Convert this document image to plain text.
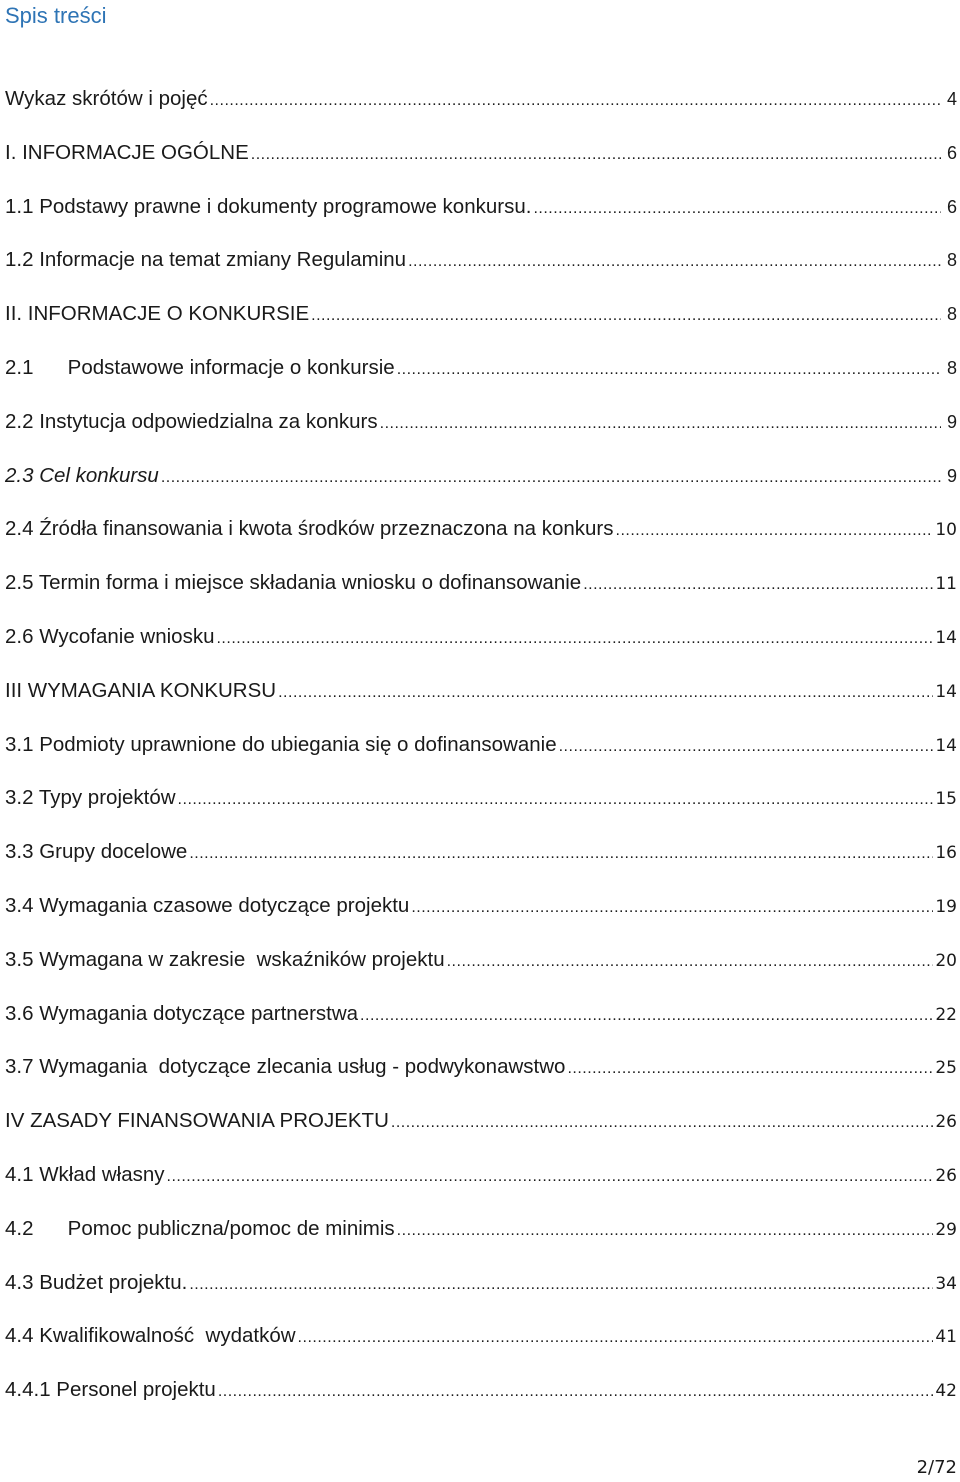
Spis treści
Wykaz skrótów i pojęć .....	4
I. INFORMACJE OGÓLNE .....	6
1.1 Podstawy prawne i dokumenty programowe konkursu. .....	6
1.2 Informacje na temat zmiany Regulaminu .....	8
II. INFORMACJE O KONKURSIE .....	8
2.1      Podstawowe informacje o konkursie .....	8
2.2 Instytucja odpowiedzialna za konkurs .....	9
2.3 Cel konkursu .....	9
2.4 Źródła finansowania i kwota środków przeznaczona na konkurs .....	10
2.5 Termin forma i miejsce składania wniosku o dofinansowanie .....	11
2.6 Wycofanie wniosku .....	14
III WYMAGANIA KONKURSU .....	14
3.1 Podmioty uprawnione do ubiegania się o dofinansowanie .....	14
3.2 Typy projektów .....	15
3.3 Grupy docelowe .....	16
3.4 Wymagania czasowe dotyczące projektu .....	19
3.5 Wymagana w zakresie  wskaźników projektu .....	20
3.6 Wymagania dotyczące partnerstwa .....	22
3.7 Wymagania  dotyczące zlecania usług - podwykonawstwo .....	25
IV ZASADY FINANSOWANIA PROJEKTU .....	26
4.1 Wkład własny .....	26
4.2      Pomoc publiczna/pomoc de minimis .....	29
4.3 Budżet projektu. .....	34
4.4 Kwalifikowalność  wydatków .....	41
4.4.1 Personel projektu .....	42
2/72
